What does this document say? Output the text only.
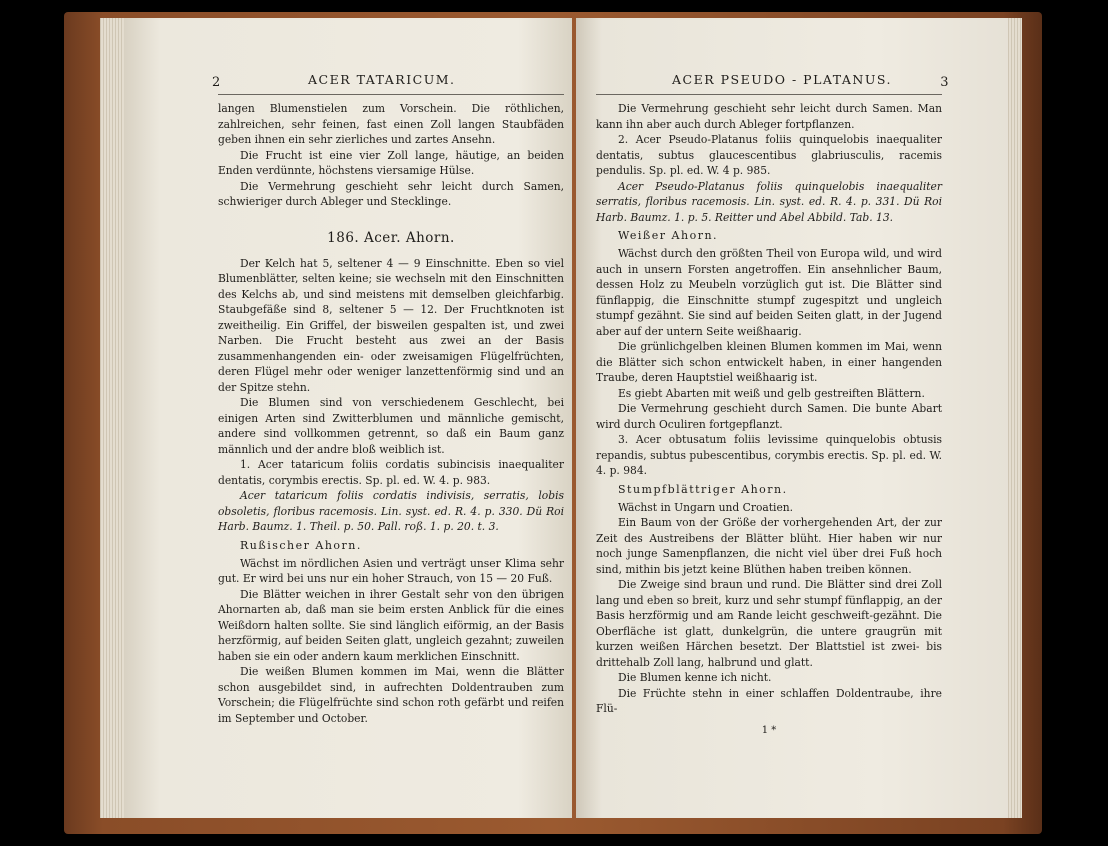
2	ACER TATARICUM.

langen Blumenstielen zum Vorschein. Die röthlichen, zahlreichen, sehr feinen, fast einen Zoll langen Staubfäden geben ihnen ein sehr zierliches und zartes Ansehn.

Die Frucht ist eine vier Zoll lange, häutige, an beiden Enden verdünnte, höchstens viersamige Hülse.

Die Vermehrung geschieht sehr leicht durch Samen, schwieriger durch Ableger und Stecklinge.

186. Acer. Ahorn.

Der Kelch hat 5, seltener 4 — 9 Einschnitte. Eben so viel Blumenblätter, selten keine; sie wechseln mit den Einschnitten des Kelchs ab, und sind meistens mit demselben gleichfarbig. Staubgefäße sind 8, seltener 5 — 12. Der Fruchtknoten ist zweitheilig. Ein Griffel, der bisweilen gespalten ist, und zwei Narben. Die Frucht besteht aus zwei an der Basis zusammenhangenden ein- oder zweisamigen Flügelfrüchten, deren Flügel mehr oder weniger lanzettenförmig sind und an der Spitze stehn.

Die Blumen sind von verschiedenem Geschlecht, bei einigen Arten sind Zwitterblumen und männliche gemischt, andere sind vollkommen getrennt, so daß ein Baum ganz männlich und der andre bloß weiblich ist.

1. Acer tataricum foliis cordatis subincisis inaequaliter dentatis, corymbis erectis. Sp. pl. ed. W. 4. p. 983.

Acer tataricum foliis cordatis indivisis, serratis, lobis obsoletis, floribus racemosis. Lin. syst. ed. R. 4. p. 330. Dü Roi Harb. Baumz. 1. Theil. p. 50. Pall. roß. 1. p. 20. t. 3.

Rußischer Ahorn.

Wächst im nördlichen Asien und verträgt unser Klima sehr gut. Er wird bei uns nur ein hoher Strauch, von 15 — 20 Fuß.

Die Blätter weichen in ihrer Gestalt sehr von den übrigen Ahornarten ab, daß man sie beim ersten Anblick für die eines Weißdorn halten sollte. Sie sind länglich eiförmig, an der Basis herzförmig, auf beiden Seiten glatt, ungleich gezahnt; zuweilen haben sie ein oder andern kaum merklichen Einschnitt.

Die weißen Blumen kommen im Mai, wenn die Blätter schon ausgebildet sind, in aufrechten Doldentrauben zum Vorschein; die Flügelfrüchte sind schon roth gefärbt und reifen im September und October.

ACER PSEUDO - PLATANUS.	3

Die Vermehrung geschieht sehr leicht durch Samen. Man kann ihn aber auch durch Ableger fortpflanzen.

2. Acer Pseudo-Platanus foliis quinquelobis inaequaliter dentatis, subtus glaucescentibus glabriusculis, racemis pendulis. Sp. pl. ed. W. 4 p. 985.

Acer Pseudo-Platanus foliis quinquelobis inaequaliter serratis, floribus racemosis. Lin. syst. ed. R. 4. p. 331. Dü Roi Harb. Baumz. 1. p. 5. Reitter und Abel Abbild. Tab. 13.

Weißer Ahorn.

Wächst durch den größten Theil von Europa wild, und wird auch in unsern Forsten angetroffen. Ein ansehnlicher Baum, dessen Holz zu Meubeln vorzüglich gut ist. Die Blätter sind fünflappig, die Einschnitte stumpf zugespitzt und ungleich stumpf gezähnt. Sie sind auf beiden Seiten glatt, in der Jugend aber auf der untern Seite weißhaarig.

Die grünlichgelben kleinen Blumen kommen im Mai, wenn die Blätter sich schon entwickelt haben, in einer hangenden Traube, deren Hauptstiel weißhaarig ist.

Es giebt Abarten mit weiß und gelb gestreiften Blättern.

Die Vermehrung geschieht durch Samen. Die bunte Abart wird durch Oculiren fortgepflanzt.

3. Acer obtusatum foliis levissime quinquelobis obtusis repandis, subtus pubescentibus, corymbis erectis. Sp. pl. ed. W. 4. p. 984.

Stumpfblättriger Ahorn.

Wächst in Ungarn und Croatien.

Ein Baum von der Größe der vorhergehenden Art, der zur Zeit des Austreibens der Blätter blüht. Hier haben wir nur noch junge Samenpflanzen, die nicht viel über drei Fuß hoch sind, mithin bis jetzt keine Blüthen haben treiben können.

Die Zweige sind braun und rund. Die Blätter sind drei Zoll lang und eben so breit, kurz und sehr stumpf fünflappig, an der Basis herzförmig und am Rande leicht geschweift-gezähnt. Die Oberfläche ist glatt, dunkelgrün, die untere graugrün mit kurzen weißen Härchen besetzt. Der Blattstiel ist zwei- bis drittehalb Zoll lang, halbrund und glatt.

Die Blumen kenne ich nicht.

Die Früchte stehn in einer schlaffen Doldentraube, ihre Flü-

1 *
